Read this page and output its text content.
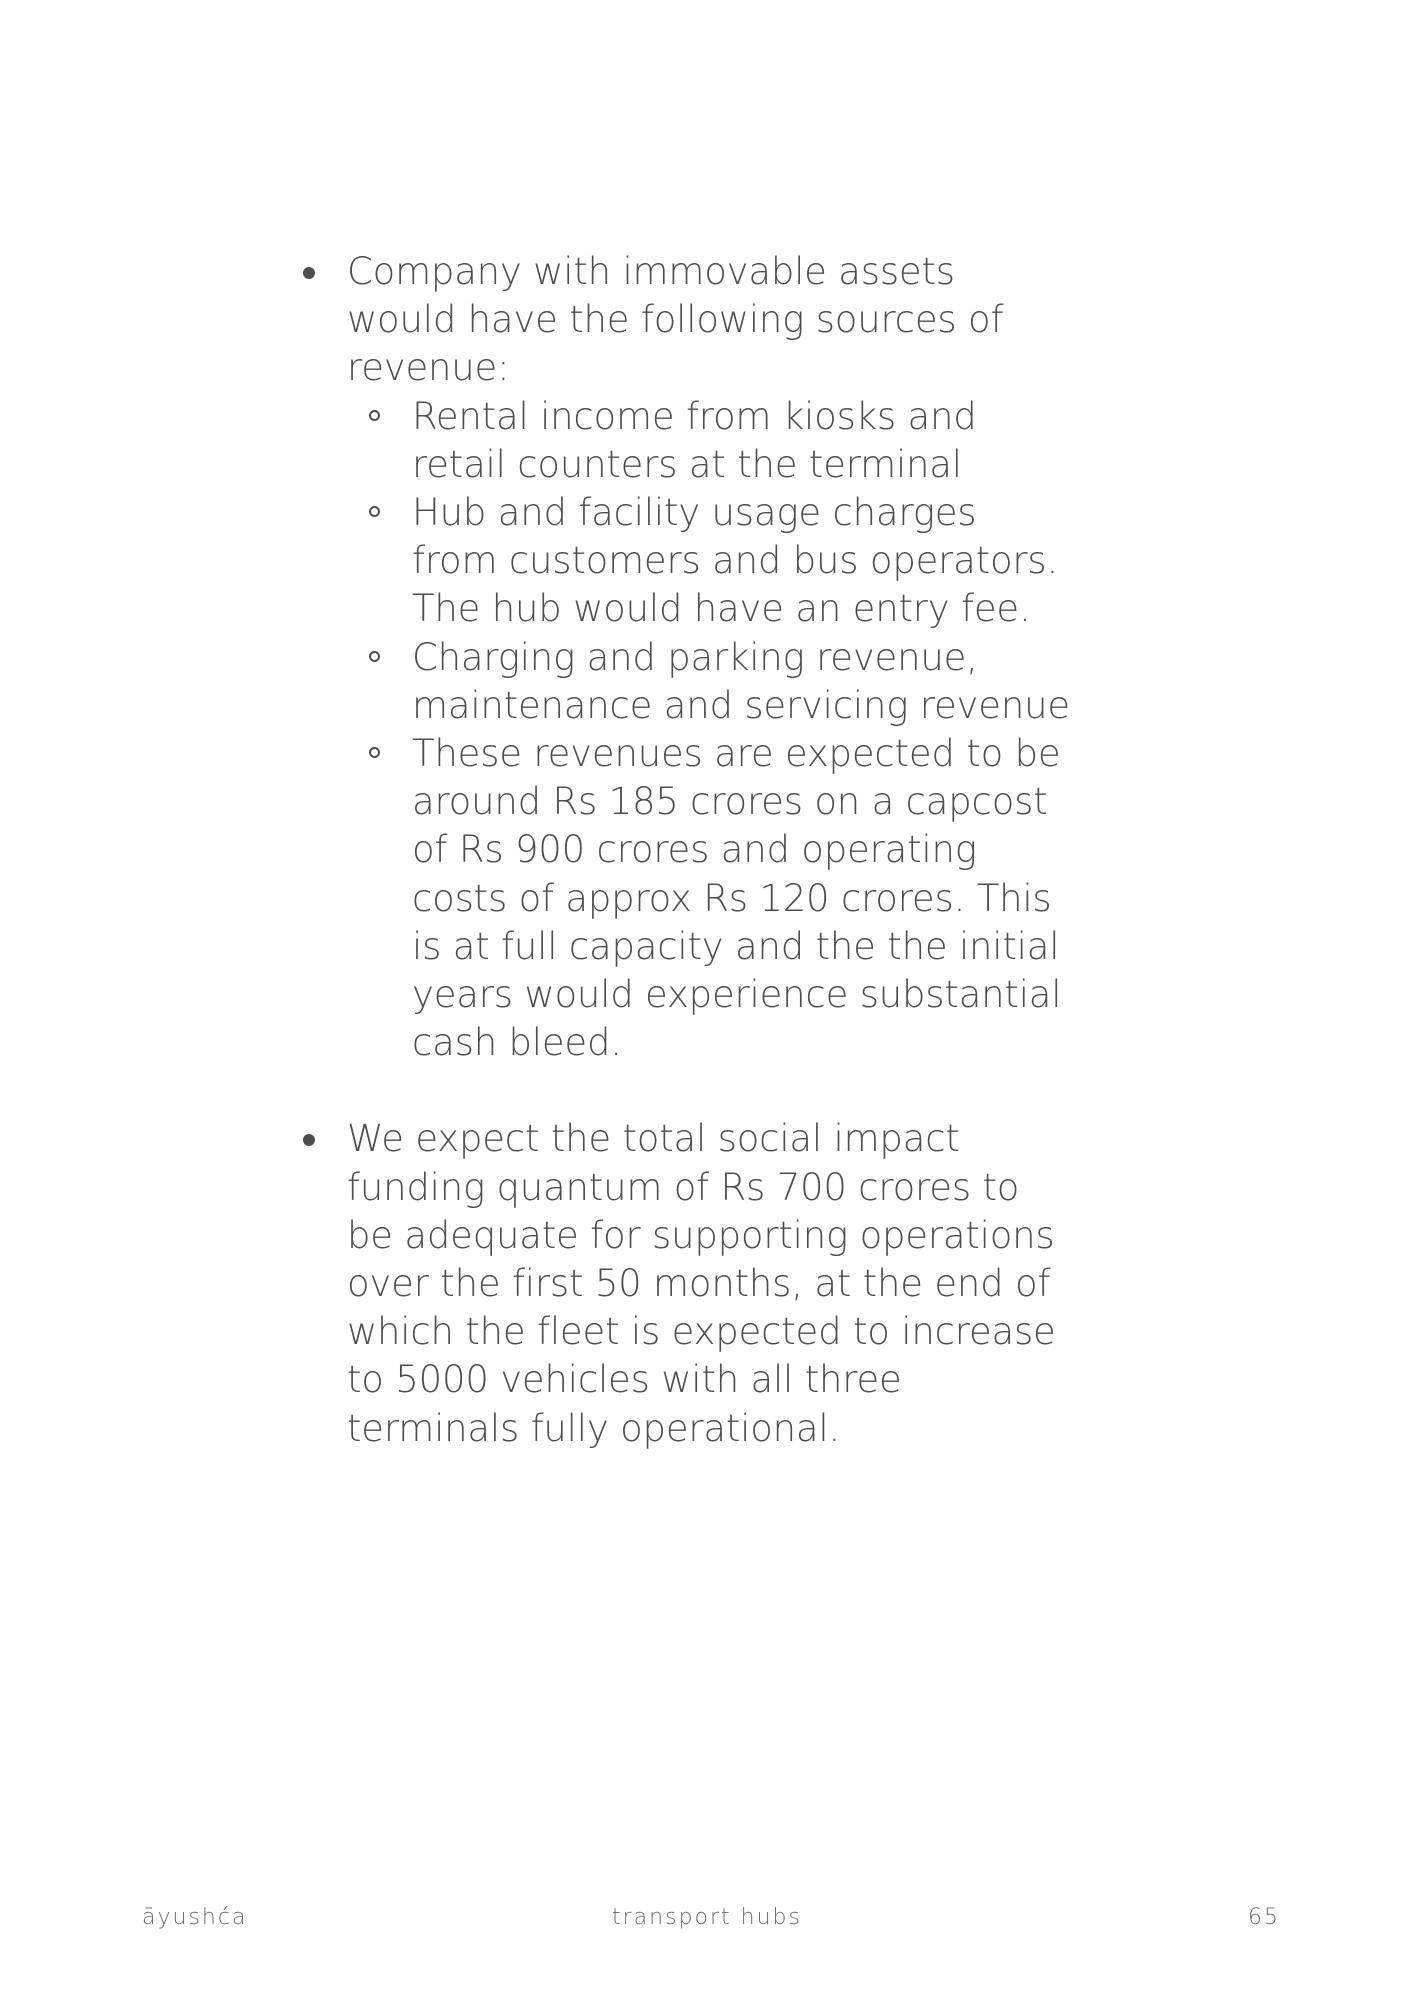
Company with immovable assets would have the following sources of revenue:
Rental income from kiosks and retail counters at the terminal
Hub and facility usage charges from customers and bus operators. The hub would have an entry fee.
Charging and parking revenue, maintenance and servicing revenue
These revenues are expected to be around Rs 185 crores on a capcost of Rs 900 crores and operating costs of approx Rs 120 crores. This is at full capacity and the the initial years would experience substantial cash bleed.
We expect the total social impact funding quantum of Rs 700 crores to be adequate for supporting operations over the first 50 months, at the end of which the fleet is expected to increase to 5000 vehicles with all three terminals fully operational.
āyushća	transport hubs	65
